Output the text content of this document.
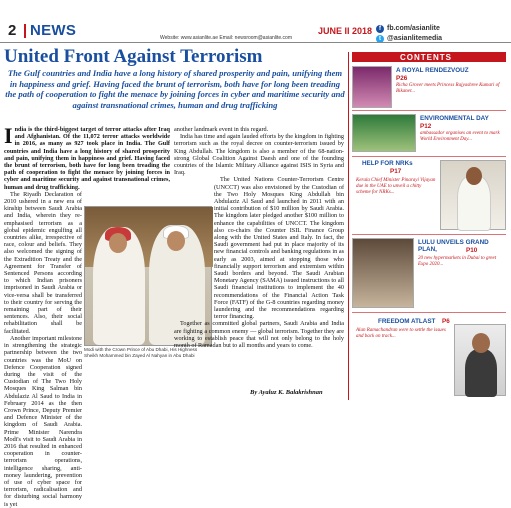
2 NEWS	JUNE II 2018
Website: www.asianlite.ae Email: newsroom@asianlite.com
f fb.com/asianlite
t @asianlitemedia
United Front Against Terrorism

The Gulf countries and India have a long history of shared prosperity and pain, unifying them in happiness and grief. Having faced the brunt of terrorism, both have for long been treading the path of cooperation to fight the menace by joining forces in cyber and maritime security and against transnational crimes, human and drug trafficking

India is the third-biggest target of terror attacks after Iraq and Afghanistan. Of the 11,072 terror attacks worldwide in 2016, as many as 927 took place in India. The Gulf countries and India have a long history of shared prosperity and pain, unifying them in happiness and grief. Having faced the brunt of terrorism, both have for long been treading the path of cooperation to fight the menace by joining forces in cyber and maritime security and against transnational crimes, human and drug trafficking.

The Riyadh Declaration of 2010 ushered in a new era of kinship between Saudi Arabia and India, wherein they re-emphasised terrorism as a global epidemic engulfing all countries alike, irrespective of race, colour and beliefs. They also welcomed the signing of the Extradition Treaty and the Agreement for Transfer of Sentenced Persons according to which Indian prisoners imprisoned in Saudi Arabia or vice-versa shall be transferred to their country for serving the remaining part of their sentences. Also, their social rehabilitation shall be facilitated.

Another important milestone in strengthening the strategic partnership between the two countries was the MoU on Defence Cooperation signed during the visit of the Custodian of The Two Holy Mosques King Salman bin Abdulaziz Al Saud to India in February 2014 as the then Crown Prince, Deputy Premier and Defence Minister of the kingdom of Saudi Arabia. Prime Minister Narendra Modi's visit to Saudi Arabia in 2016 that resulted in enhanced cooperation in counter-terrorism operations, intelligence sharing, anti-money laundering, prevention of use of cyber space for terrorism, radicalisation and for disturbing social harmony is yet

Modi with the Crown Prince of Abu Dhabi, His Highness Sheikh Mohammed bin Zayed Al Nahyan in Abu Dhabi

another landmark event in this regard.

India has time and again lauded efforts by the kingdom in fighting terrorism such as the royal decree on counter-terrorism issued by King Abdullah. The kingdom is also a member of the 68-nation-strong Global Coalition Against Daesh and one of the founding countries of the Islamic Military Alliance against ISIS in Syria and Iraq.

The United Nations Counter-Terrorism Centre (UNCCT) was also envisioned by the Custodian of the Two Holy Mosques King Abdullah bin Abdulaziz Al Saud and launched in 2011 with an initial contribution of $10 million by Saudi Arabia. The kingdom later pledged another $100 million to enhance the capabilities of UNCCT. The kingdom also co-chairs the Counter ISIL Finance Group along with the United States and Italy. In fact, the Saudi government had put in place majority of its new financial controls and banking regulations in as early as 2003, aimed at stopping those who financially support terrorism and extremism within Saudi borders and beyond. The Saudi Arabian Monetary Agency (SAMA) issued instructions to all Saudi financial institutions to implement the 40 recommendations of the Financial Action Task Force (FATF) of the G-8 countries regarding money laundering and the recommendations regarding terror financing.

Together as committed global partners, Saudi Arabia and India are fighting a common enemy — global terrorism. Together they are working to establish peace that will not only belong to the holy month of Ramadan but to all months and years to come.

By Ayaluz K. Balakrishnan
CONTENTS
A ROYAL RENDEZVOUZ
P26
Richa Grover meets Princess Rajyashree Kumari of Bikaner...
ENVIRONMENTAL DAY
P12
ambassador organises an event to mark World Environment Day...
HELP FOR NRKs
P17
Kerala Chief Minister Pinarayi Vijayan due in the UAE to unveil a chitty scheme for NRKs...
LULU UNVEILS GRAND PLAN,	P10
20 new hypermarkets in Dubai to greet Expo 2020...
FREEDOM ATLAST P6
Alan Ramachandran were to settle the issues and back on track...
